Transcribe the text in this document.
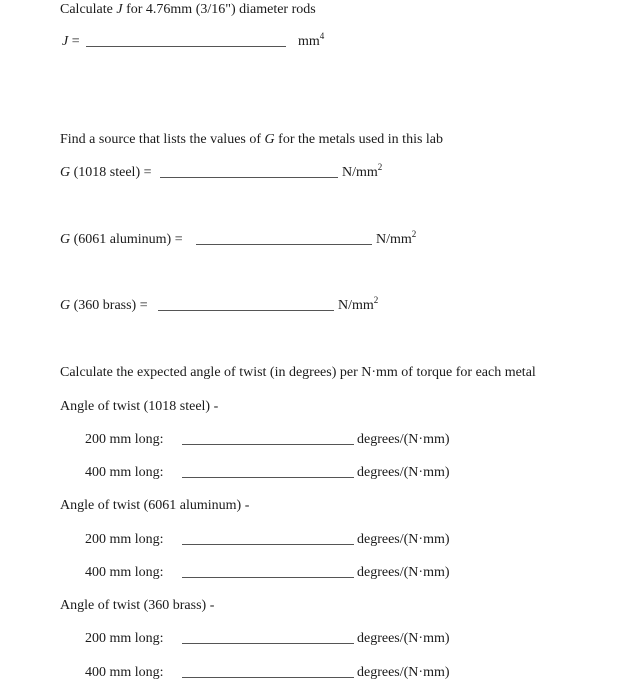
Calculate J for 4.76mm (3/16") diameter rods
J =	$mm^4$
Find a source that lists the values of G for the metals used in this lab
G (1018 steel) =	$N/mm^2$
G (6061 aluminum) =	$N/mm^2$
G (360 brass) =	$N/mm^2$
Calculate the expected angle of twist (in degrees) per N·mm of torque for each metal
Angle of twist (1018 steel) -
200 mm long:	degrees/(N·mm)
400 mm long:	degrees/(N·mm)
Angle of twist (6061 aluminum) -
200 mm long:	degrees/(N·mm)
400 mm long:	degrees/(N·mm)
Angle of twist (360 brass) -
200 mm long:	degrees/(N·mm)
400 mm long:	degrees/(N·mm)
